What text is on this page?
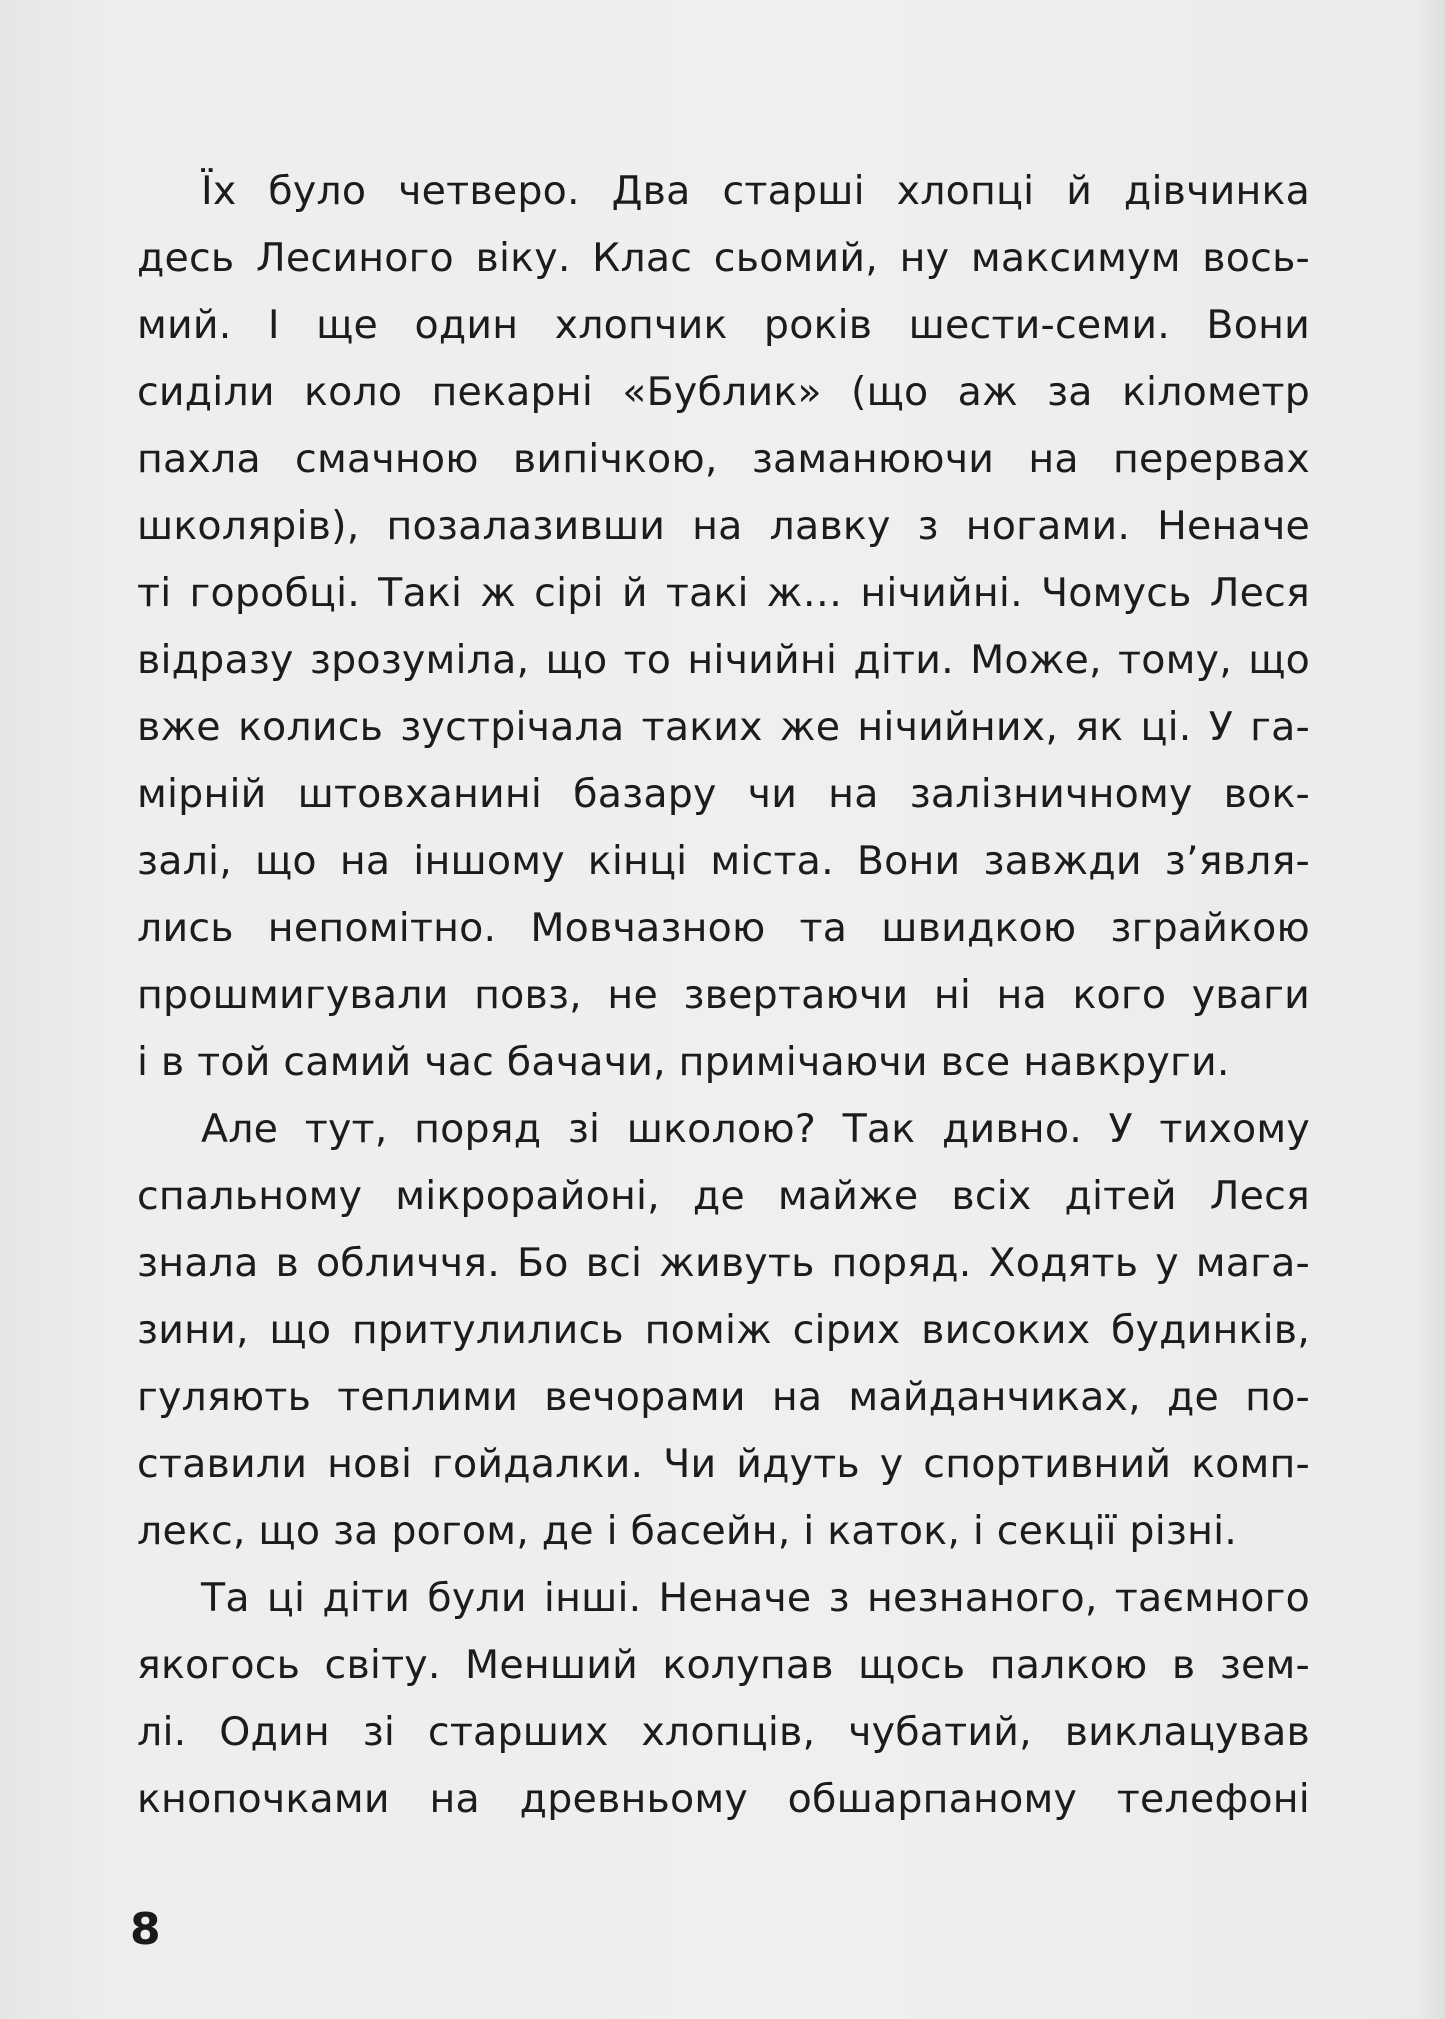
Їх було четверо. Два старші хлопці й дівчинка
десь Лесиного віку. Клас сьомий, ну максимум вось-
мий. І ще один хлопчик років шести-семи. Вони
сиділи коло пекарні «Бублик» (що аж за кілометр
пахла смачною випічкою, заманюючи на перервах
школярів), позалазивши на лавку з ногами. Неначе
ті горобці. Такі ж сірі й такі ж… нічийні. Чомусь Леся
відразу зрозуміла, що то нічийні діти. Може, тому, що
вже колись зустрічала таких же нічийних, як ці. У га-
мірній штовханині базару чи на залізничному вок-
залі, що на іншому кінці міста. Вони завжди з’явля-
лись непомітно. Мовчазною та швидкою зграйкою
прошмигували повз, не звертаючи ні на кого уваги
і в той самий час бачачи, примічаючи все навкруги.
Але тут, поряд зі школою? Так дивно. У тихому
спальному мікрорайоні, де майже всіх дітей Леся
знала в обличчя. Бо всі живуть поряд. Ходять у мага-
зини, що притулились поміж сірих високих будинків,
гуляють теплими вечорами на майданчиках, де по-
ставили нові гойдалки. Чи йдуть у спортивний комп-
лекс, що за рогом, де і басейн, і каток, і секції різні.
Та ці діти були інші. Неначе з незнаного, таємного
якогось світу. Менший колупав щось палкою в зем-
лі. Один зі старших хлопців, чубатий, виклацував
кнопочками на древньому обшарпаному телефоні
8
